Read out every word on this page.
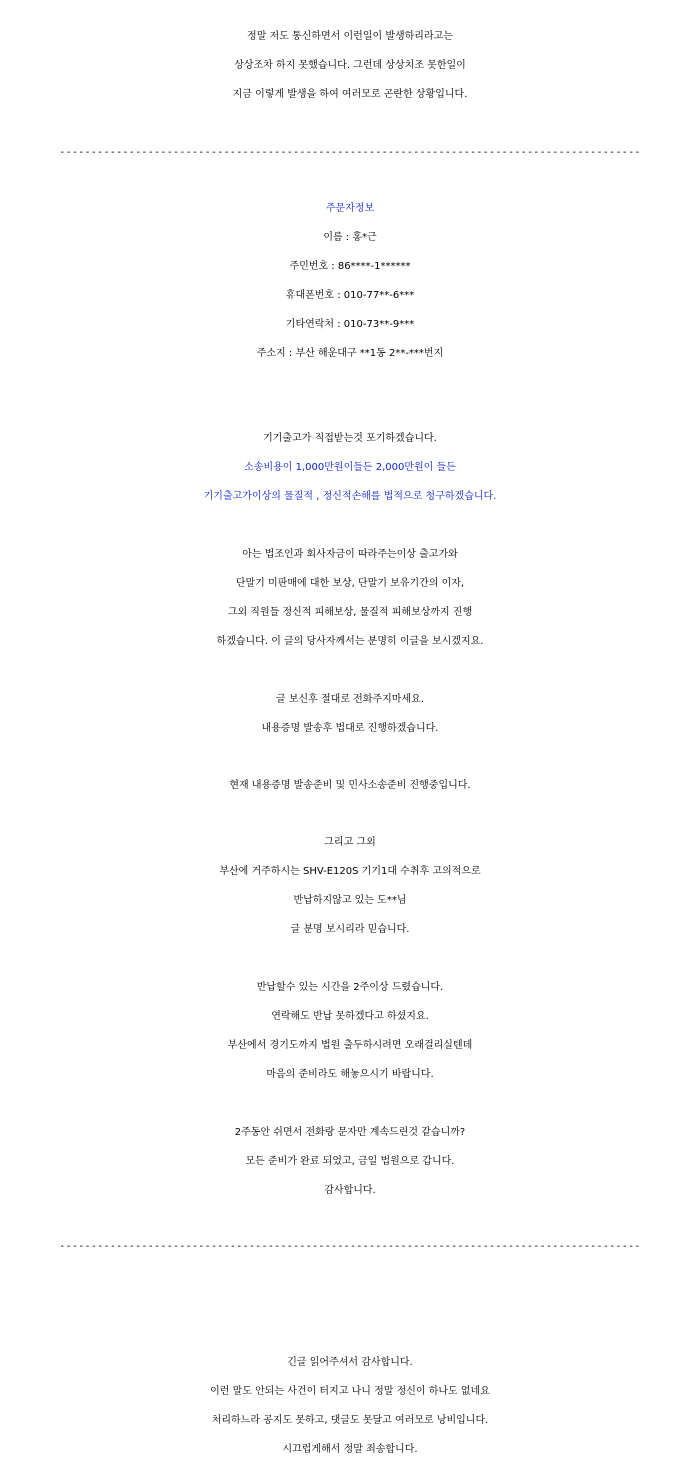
정말 저도 통신하면서 이런일이 발생하리라고는
상상조차 하지 못했습니다. 그런데 상상치조 못한일이
지금 이렇게 발생을 하여 여러모로 곤란한 상황입니다.
--------------------------------------------------------------------------------------------
주문자정보
이름 : 홍*근
주민번호 : 86****-1******
휴대폰번호 : 010-77**-6***
기타연락처 : 010-73**-9***
주소지 : 부산 해운대구 **1동 2**-***번지
기기출고가 직접받는것 포기하겠습니다.
소송비용이 1,000만원이들든 2,000만원이 들든
기기출고가이상의 물질적 , 정신적손해를 법적으로 청구하겠습니다.
아는 법조인과 회사자금이 따라주는이상 출고가와
단말기 미판매에 대한 보상, 단말기 보유기간의 이자,
그외 직원들 정신적 피해보상, 물질적 피해보상까지 진행
하겠습니다. 이 글의 당사자께서는 분명히 이글을 보시겠지요.
글 보신후 절대로 전화주지마세요.
내용증명 발송후 법대로 진행하겠습니다.
현재 내용증명 발송준비 및 민사소송준비 진행중입니다.
그리고 그외
부산에 거주하시는 SHV-E120S 기기1대 수취후 고의적으로
반납하지않고 있는 도**님
글 분명 보시리라 믿습니다.
반납할수 있는 시간을 2주이상 드렸습니다.
연락해도 반납 못하겠다고 하셨지요.
부산에서 경기도까지 법원 출두하시려면 오래걸리실텐데
마음의 준비라도 해놓으시기 바랍니다.
2주동안 쉬면서 전화랑 문자만 계속드린것 같습니까?
모든 준비가 완료 되었고, 금일 법원으로 갑니다.
감사합니다.
--------------------------------------------------------------------------------------------
긴글 읽어주셔서 감사합니다.
이런 말도 안되는 사건이 터지고 나니 정말 정신이 하나도 없네요
처리하느라 공지도 못하고, 댓글도 못달고 여러모로 낭비입니다.
시끄럽게해서 정말 죄송합니다.
